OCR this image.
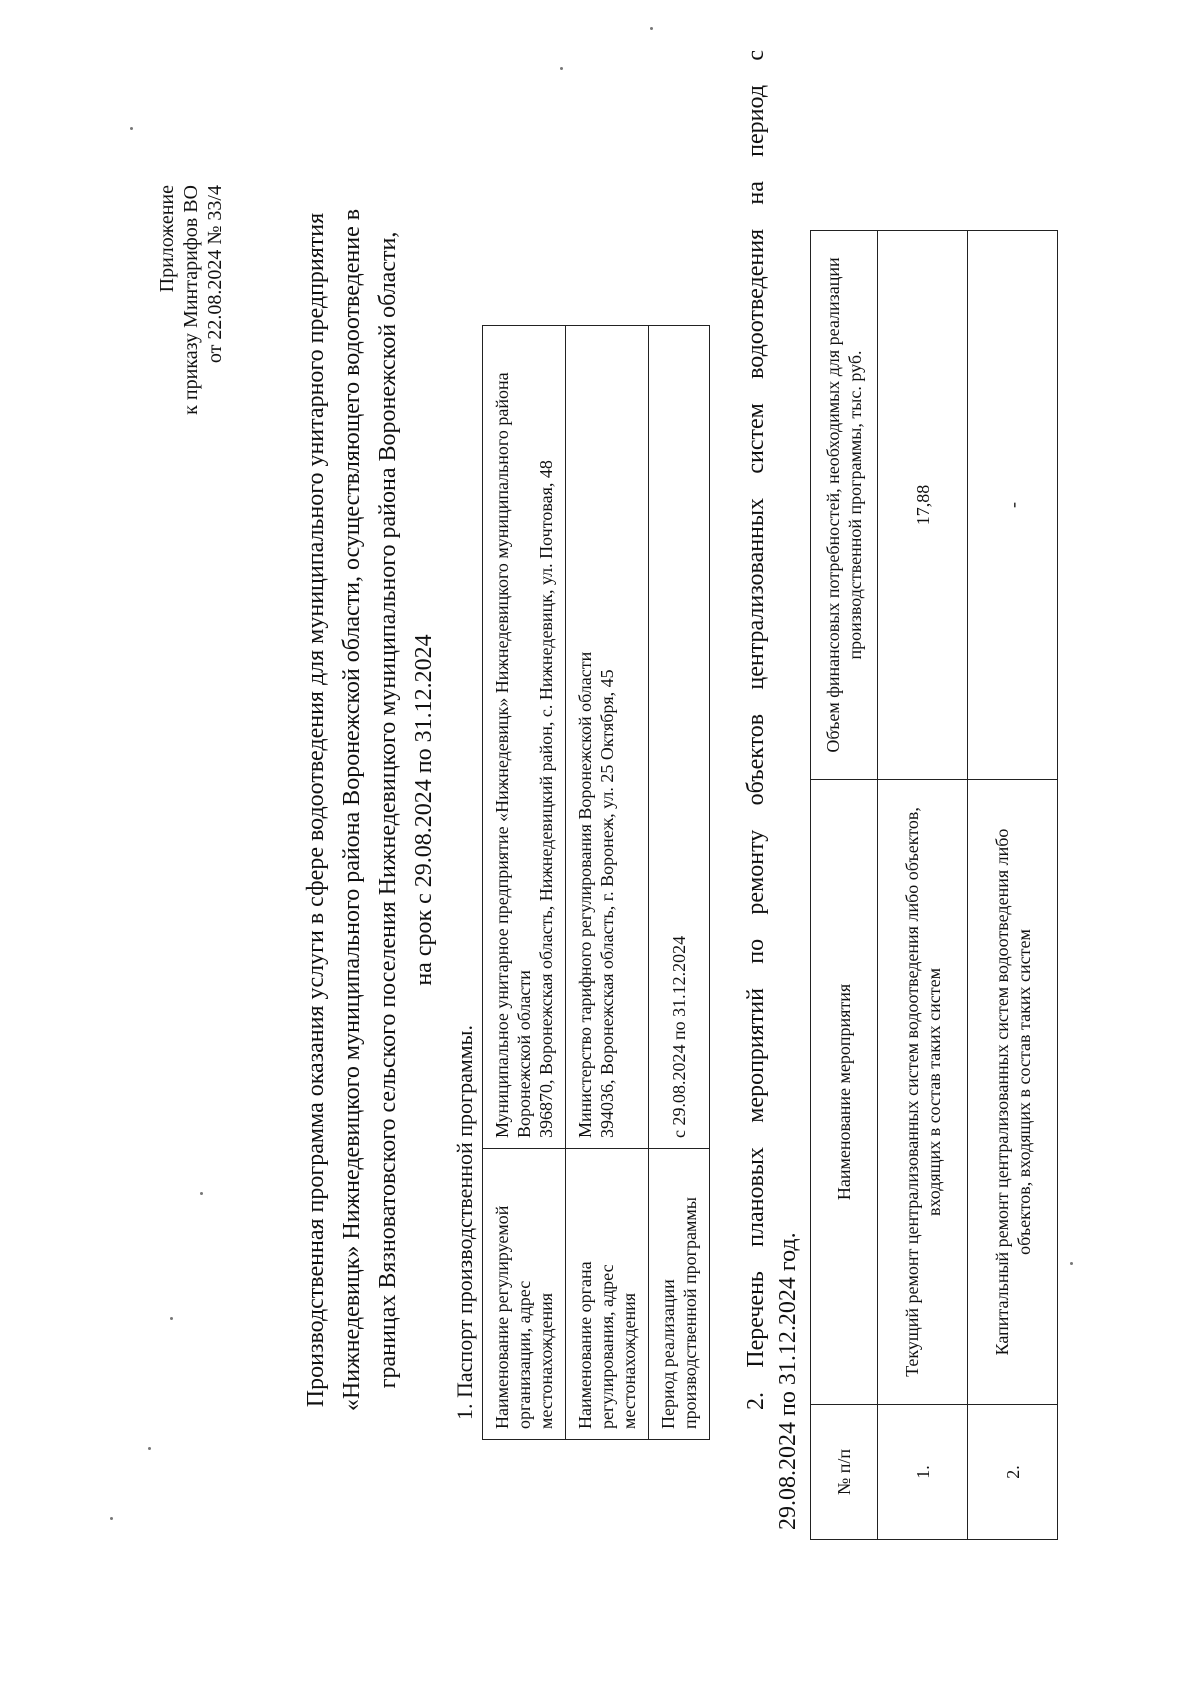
Приложение к приказу Минтарифов ВО от 22.08.2024 № 33/4	Производственная программа оказания услуги в сфере водоотведения для муниципального унитарного предприятия «Нижнедевицк» Нижнедевицкого муниципального района Воронежской области, осуществляющего водоотведение в границах Вязноватовского сельского поселения Нижнедевицкого муниципального района Воронежской области, на срок с 29.08.2024 по 31.12.2024
1. Паспорт производственной программы. Наименование регулируемой организации, адрес местонахождения	Муниципальное унитарное предприятие «Нижнедевицк» Нижнедевицкого муниципального района Воронежской области 396870, Воронежская область, Нижнедевицкий район, с. Нижнедевицк, ул. Почтовая, 48

Наименование органа регулирования, адрес местонахождения	Министерство тарифного регулирования Воронежской области 394036, Воронежская область, г. Воронеж, ул. 25 Октября, 45

Период реализации производственной программы	с 29.08.2024 по 31.12.2024 2. Перечень плановых мероприятий по ремонту объектов централизованных систем водоотведения на период с 29.08.2024 по 31.12.2024 год. № п/п	Наименование мероприятия	Объем финансовых потребностей, необходимых для реализации производственной программы, тыс. руб.
1.	Текущий ремонт централизованных систем водоотведения либо объектов, входящих в состав таких систем	17,88
2.	Капитальный ремонт централизованных систем водоотведения либо объектов, входящих в состав таких систем	-
